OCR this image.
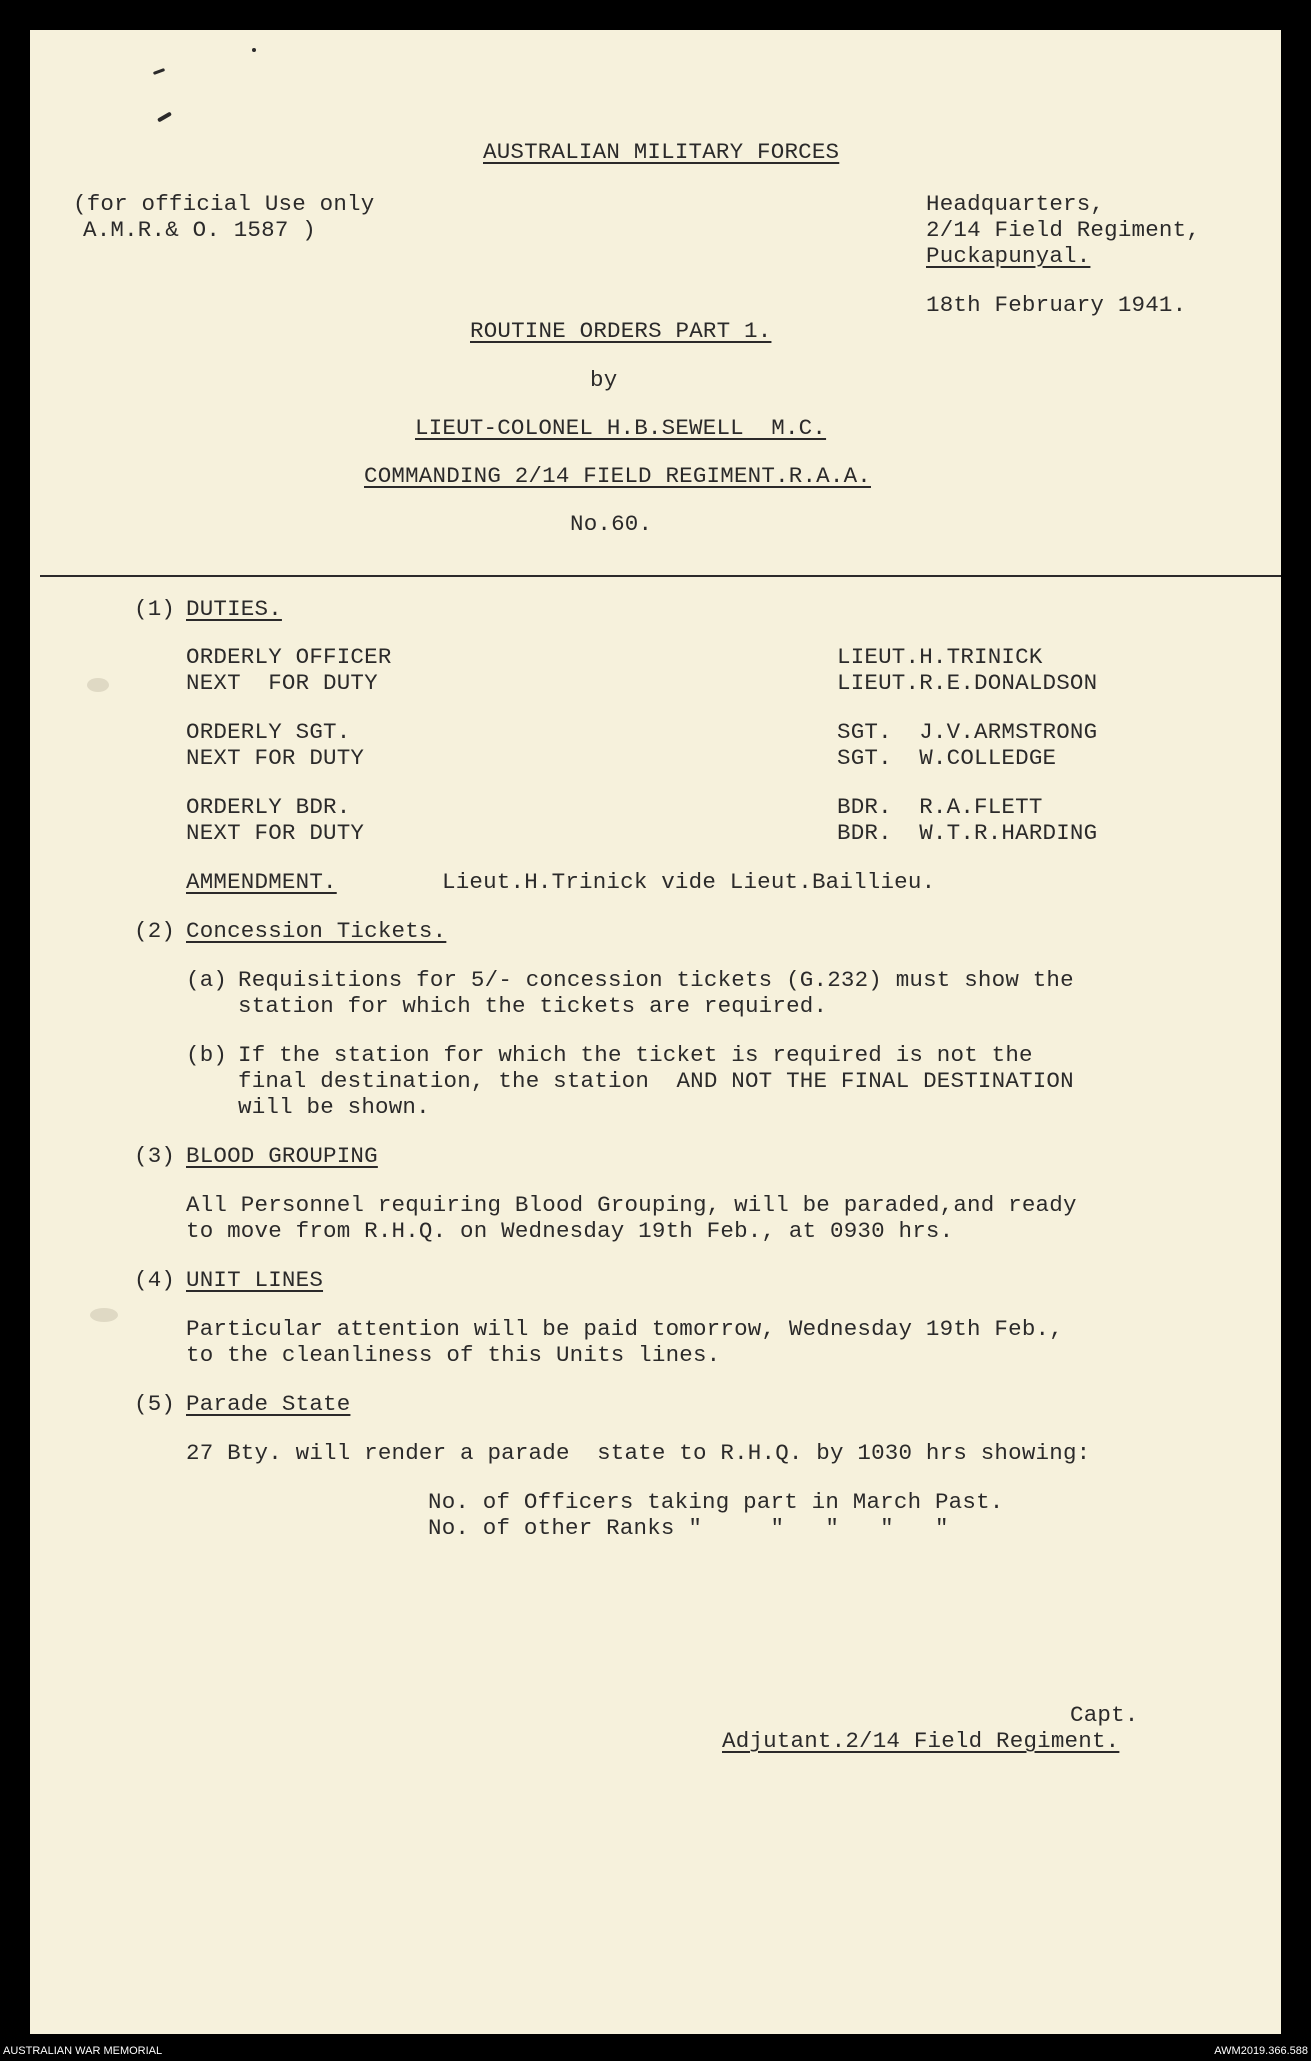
AUSTRALIAN MILITARY FORCES
(for official Use only
A.M.R.& O. 1587 )
Headquarters,
2/14 Field Regiment,
Puckapunyal.
18th February 1941.
ROUTINE ORDERS PART 1.
by
LIEUT-COLONEL H.B.SEWELL  M.C.
COMMANDING 2/14 FIELD REGIMENT.R.A.A.
No.60.
(1) DUTIES.
ORDERLY OFFICER	LIEUT.H.TRINICK
NEXT  FOR DUTY	LIEUT.R.E.DONALDSON
ORDERLY SGT.	SGT.  J.V.ARMSTRONG
NEXT FOR DUTY	SGT.  W.COLLEDGE
ORDERLY BDR.	BDR.  R.A.FLETT
NEXT FOR DUTY	BDR.  W.T.R.HARDING
AMMENDMENT.	Lieut.H.Trinick vide Lieut.Baillieu.
(2) Concession Tickets.
(a) Requisitions for 5/- concession tickets (G.232) must show the
station for which the tickets are required.
(b) If the station for which the ticket is required is not the
final destination, the station  AND NOT THE FINAL DESTINATION
will be shown.
(3) BLOOD GROUPING
All Personnel requiring Blood Grouping, will be paraded,and ready
to move from R.H.Q. on Wednesday 19th Feb., at 0930 hrs.
(4) UNIT LINES
Particular attention will be paid tomorrow, Wednesday 19th Feb.,
to the cleanliness of this Units lines.
(5) Parade State
27 Bty. will render a parade  state to R.H.Q. by 1030 hrs showing:
No. of Officers taking part in March Past.
No. of other Ranks "     "   "   "   "
Capt.
Adjutant.2/14 Field Regiment.
AUSTRALIAN WAR MEMORIAL	AWM2019.366.588
